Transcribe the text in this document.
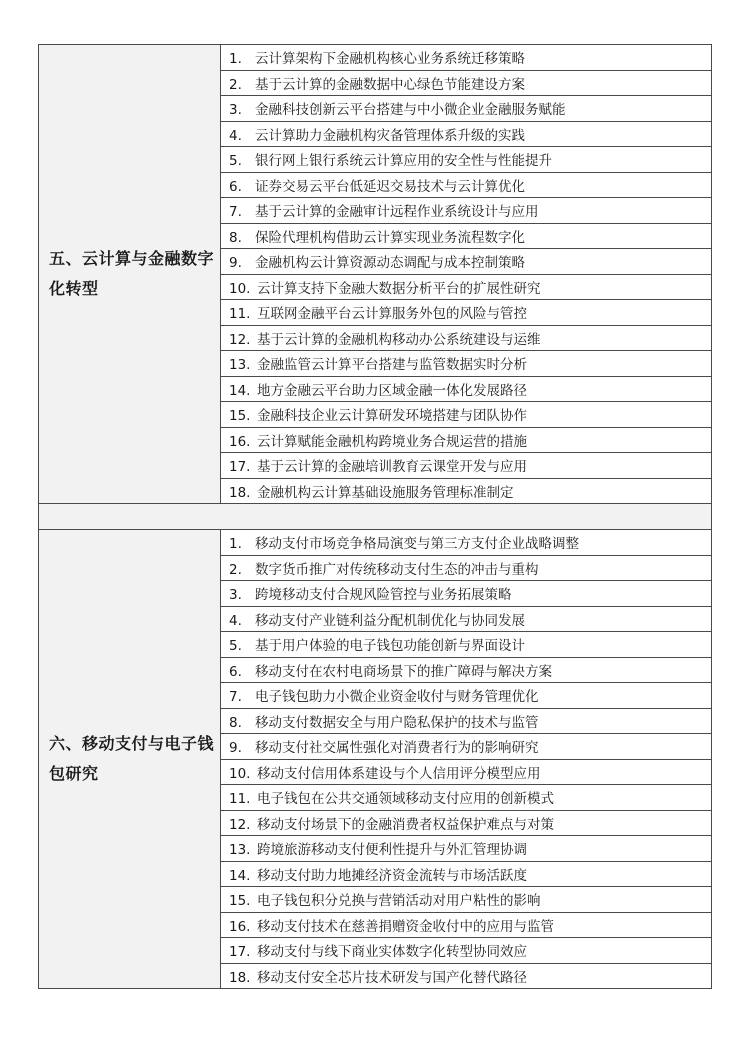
五、云计算与金融数字化转型	1. 云计算架构下金融机构核心业务系统迁移策略
	2. 基于云计算的金融数据中心绿色节能建设方案
	3. 金融科技创新云平台搭建与中小微企业金融服务赋能
	4. 云计算助力金融机构灾备管理体系升级的实践
	5. 银行网上银行系统云计算应用的安全性与性能提升
	6. 证券交易云平台低延迟交易技术与云计算优化
	7. 基于云计算的金融审计远程作业系统设计与应用
	8. 保险代理机构借助云计算实现业务流程数字化
	9. 金融机构云计算资源动态调配与成本控制策略
	10. 云计算支持下金融大数据分析平台的扩展性研究
	11. 互联网金融平台云计算服务外包的风险与管控
	12. 基于云计算的金融机构移动办公系统建设与运维
	13. 金融监管云计算平台搭建与监管数据实时分析
	14. 地方金融云平台助力区域金融一体化发展路径
	15. 金融科技企业云计算研发环境搭建与团队协作
	16. 云计算赋能金融机构跨境业务合规运营的措施
	17. 基于云计算的金融培训教育云课堂开发与应用
	18. 金融机构云计算基础设施服务管理标准制定

六、移动支付与电子钱包研究	1. 移动支付市场竞争格局演变与第三方支付企业战略调整
	2. 数字货币推广对传统移动支付生态的冲击与重构
	3. 跨境移动支付合规风险管控与业务拓展策略
	4. 移动支付产业链利益分配机制优化与协同发展
	5. 基于用户体验的电子钱包功能创新与界面设计
	6. 移动支付在农村电商场景下的推广障碍与解决方案
	7. 电子钱包助力小微企业资金收付与财务管理优化
	8. 移动支付数据安全与用户隐私保护的技术与监管
	9. 移动支付社交属性强化对消费者行为的影响研究
	10. 移动支付信用体系建设与个人信用评分模型应用
	11. 电子钱包在公共交通领域移动支付应用的创新模式
	12. 移动支付场景下的金融消费者权益保护难点与对策
	13. 跨境旅游移动支付便利性提升与外汇管理协调
	14. 移动支付助力地摊经济资金流转与市场活跃度
	15. 电子钱包积分兑换与营销活动对用户粘性的影响
	16. 移动支付技术在慈善捐赠资金收付中的应用与监管
	17. 移动支付与线下商业实体数字化转型协同效应
	18. 移动支付安全芯片技术研发与国产化替代路径
